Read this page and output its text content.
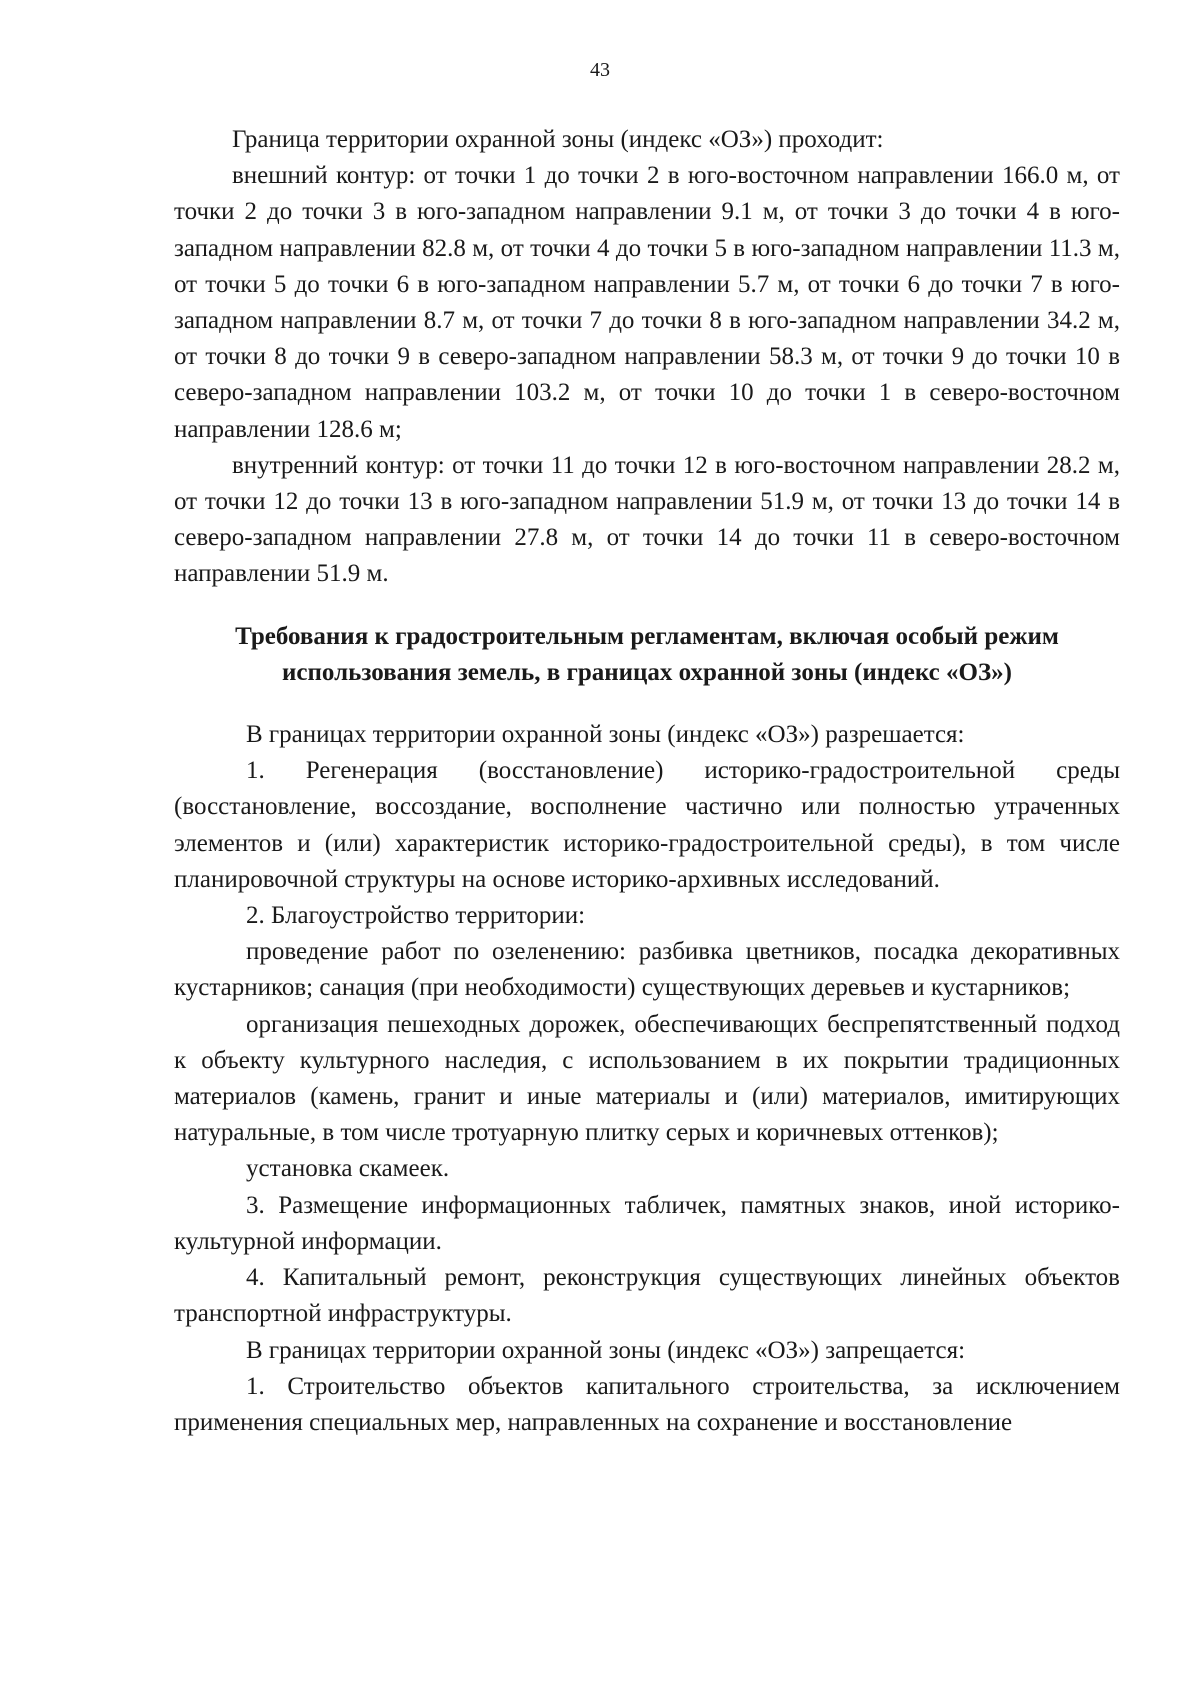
43

Граница территории охранной зоны (индекс «ОЗ») проходит:

внешний контур: от точки 1 до точки 2 в юго-восточном направлении 166.0 м, от точки 2 до точки 3 в юго-западном направлении 9.1 м, от точки 3 до точки 4 в юго-западном направлении 82.8 м, от точки 4 до точки 5 в юго-западном направлении 11.3 м, от точки 5 до точки 6 в юго-западном направлении 5.7 м, от точки 6 до точки 7 в юго-западном направлении 8.7 м, от точки 7 до точки 8 в юго-западном направлении 34.2 м, от точки 8 до точки 9 в северо-западном направлении 58.3 м, от точки 9 до точки 10 в северо-западном направлении 103.2 м, от точки 10 до точки 1 в северо-восточном направлении 128.6 м;

внутренний контур: от точки 11 до точки 12 в юго-восточном направлении 28.2 м, от точки 12 до точки 13 в юго-западном направлении 51.9 м, от точки 13 до точки 14 в северо-западном направлении 27.8 м, от точки 14 до точки 11 в северо-восточном направлении 51.9 м.

Требования к градостроительным регламентам, включая особый режим использования земель, в границах охранной зоны (индекс «ОЗ»)

В границах территории охранной зоны (индекс «ОЗ») разрешается:

1. Регенерация (восстановление) историко-градостроительной среды (восстановление, воссоздание, восполнение частично или полностью утраченных элементов и (или) характеристик историко-градостроительной среды), в том числе планировочной структуры на основе историко-архивных исследований.

2. Благоустройство территории:

проведение работ по озеленению: разбивка цветников, посадка декоративных кустарников; санация (при необходимости) существующих деревьев и кустарников;

организация пешеходных дорожек, обеспечивающих беспрепятственный подход к объекту культурного наследия, с использованием в их покрытии традиционных материалов (камень, гранит и иные материалы и (или) материалов, имитирующих натуральные, в том числе тротуарную плитку серых и коричневых оттенков);

установка скамеек.

3. Размещение информационных табличек, памятных знаков, иной историко-культурной информации.

4. Капитальный ремонт, реконструкция существующих линейных объектов транспортной инфраструктуры.

В границах территории охранной зоны (индекс «ОЗ») запрещается:

1. Строительство объектов капитального строительства, за исключением применения специальных мер, направленных на сохранение и восстановление
